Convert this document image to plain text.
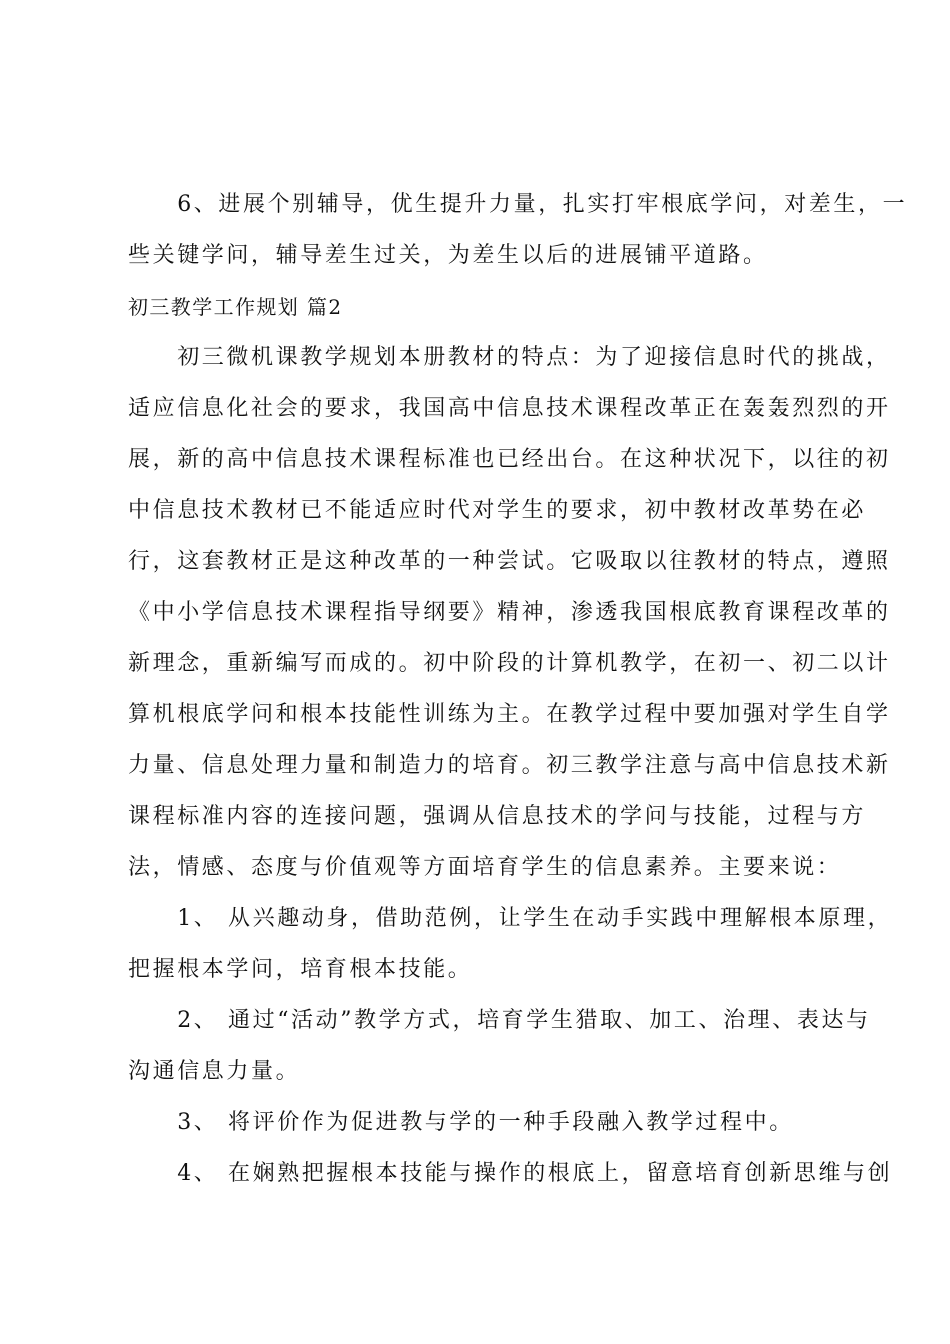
　　6、进展个别辅导，优生提升力量，扎实打牢根底学问，对差生，一
些关键学问，辅导差生过关，为差生以后的进展铺平道路。
初三教学工作规划 篇2
　　初三微机课教学规划本册教材的特点：为了迎接信息时代的挑战，
适应信息化社会的要求，我国高中信息技术课程改革正在轰轰烈烈的开
展，新的高中信息技术课程标准也已经出台。在这种状况下，以往的初
中信息技术教材已不能适应时代对学生的要求，初中教材改革势在必
行，这套教材正是这种改革的一种尝试。它吸取以往教材的特点，遵照
《中小学信息技术课程指导纲要》精神，渗透我国根底教育课程改革的
新理念，重新编写而成的。初中阶段的计算机教学，在初一、初二以计
算机根底学问和根本技能性训练为主。在教学过程中要加强对学生自学
力量、信息处理力量和制造力的培育。初三教学注意与高中信息技术新
课程标准内容的连接问题，强调从信息技术的学问与技能，过程与方
法，情感、态度与价值观等方面培育学生的信息素养。主要来说：
　　1、 从兴趣动身，借助范例，让学生在动手实践中理解根本原理，
把握根本学问，培育根本技能。
　　2、 通过“活动”教学方式，培育学生猎取、加工、治理、表达与
沟通信息力量。
　　3、 将评价作为促进教与学的一种手段融入教学过程中。
　　4、 在娴熟把握根本技能与操作的根底上，留意培育创新思维与创
